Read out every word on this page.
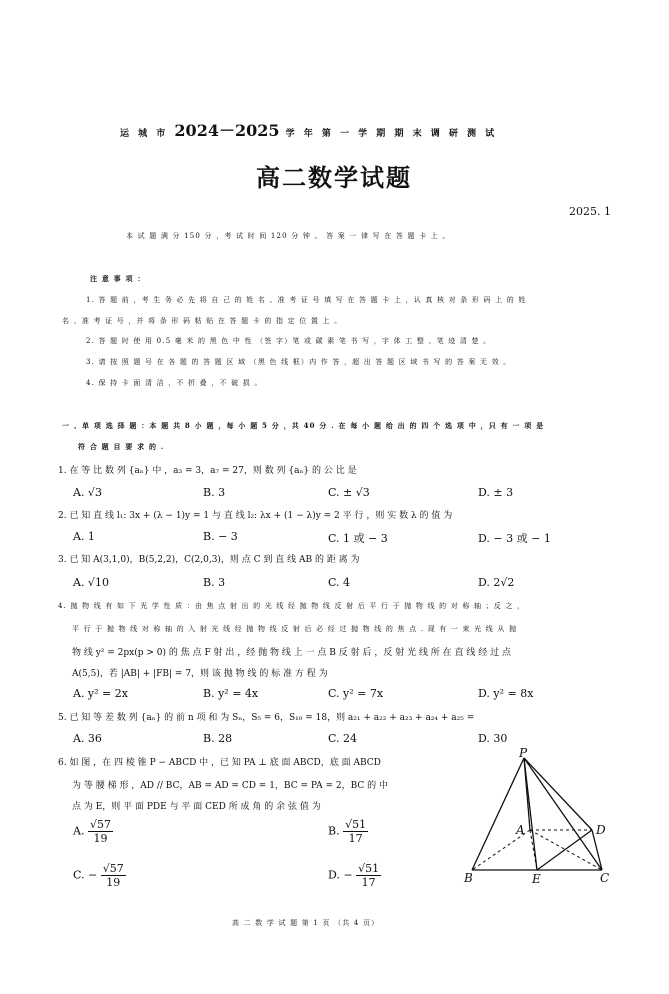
运 城 市 2024－2025 学 年 第 一 学 期 期 末 调 研 测 试
高二数学试题
2025. 1
本 试 题 满 分 150 分 ，考 试 时 间 120 分 钟 。 答 案 一 律 写 在 答 题 卡 上 。
注 意 事 项 ：
1. 答 题 前 ，考 生 务 必 先 将 自 己 的 姓 名 、准 考 证 号 填 写 在 答 题 卡 上 ，认 真 核 对 条 形 码 上 的 姓
名 、准 考 证 号 ，并 将 条 形 码 粘 贴 在 答 题 卡 的 指 定 位 置 上 。
2. 答 题 时 使 用 0.5 毫 米 的 黑 色 中 性 （签 字）笔 或 碳 素 笔 书 写 ，字 体 工 整 、笔 迹 清 楚 。
3. 请 按 照 题 号 在 各 题 的 答 题 区 域 （黑 色 线 框）内 作 答 ，超 出 答 题 区 域 书 写 的 答 案 无 效 。
4. 保 持 卡 面 清 洁 ，不 折 叠 ，不 破 损 。
一 、单 项 选 择 题 ：本 题 共 8 小 题 ，每 小 题 5 分 ，共 40 分 . 在 每 小 题 给 出 的 四 个 选 项 中 ，只 有 一 项 是
符 合 题 目 要 求 的 .
1. 在 等 比 数 列 {aₙ} 中 ，a₃ = 3，a₇ = 27，则 数 列 {aₙ} 的 公 比 是
A. √3	B. 3	C. ± √3	D. ± 3
2. 已 知 直 线 l₁: 3x + (λ − 1)y = 1 与 直 线 l₂: λx + (1 − λ)y = 2 平 行 ，则 实 数 λ 的 值 为
A. 1	B. − 3	C. 1 或 − 3	D. − 3 或 − 1
3. 已 知 A(3,1,0)，B(5,2,2)，C(2,0,3)，则 点 C 到 直 线 AB 的 距 离 为
A. √10	B. 3	C. 4	D. 2√2
4. 抛 物 线 有 如 下 光 学 性 质 ：由 焦 点 射 出 的 光 线 经 抛 物 线 反 射 后 平 行 于 抛 物 线 的 对 称 轴 ；反 之 ，
平 行 于 抛 物 线 对 称 轴 的 入 射 光 线 经 抛 物 线 反 射 后 必 经 过 抛 物 线 的 焦 点 . 现 有 一 束 光 线 从 抛
物 线 y² = 2px(p > 0) 的 焦 点 F 射 出 ，经 抛 物 线 上 一 点 B 反 射 后 ，反 射 光 线 所 在 直 线 经 过 点
A(5,5)，若 |AB| + |FB| = 7，则 该 抛 物 线 的 标 准 方 程 为
A. y² = 2x	B. y² = 4x	C. y² = 7x	D. y² = 8x
5. 已 知 等 差 数 列 {aₙ} 的 前 n 项 和 为 Sₙ，S₅ = 6，S₁₀ = 18，则 a₂₁ + a₂₂ + a₂₃ + a₂₄ + a₂₅ =
A. 36	B. 28	C. 24	D. 30
6. 如 图 ，在 四 棱 锥 P − ABCD 中 ，已 知 PA ⊥ 底 面 ABCD，底 面 ABCD
为 等 腰 梯 形 ，AD // BC，AB = AD = CD = 1，BC = PA = 2，BC 的 中
点 为 E，则 平 面 PDE 与 平 面 CED 所 成 角 的 余 弦 值 为
A. $\frac{√57}{19}$	B. $\frac{√51}{17}$
C. − $\frac{√57}{19}$	D. − $\frac{√51}{17}$
P
A	D
B	E	C
高 二 数 学 试 题 第 1 页 （共 4 页）
